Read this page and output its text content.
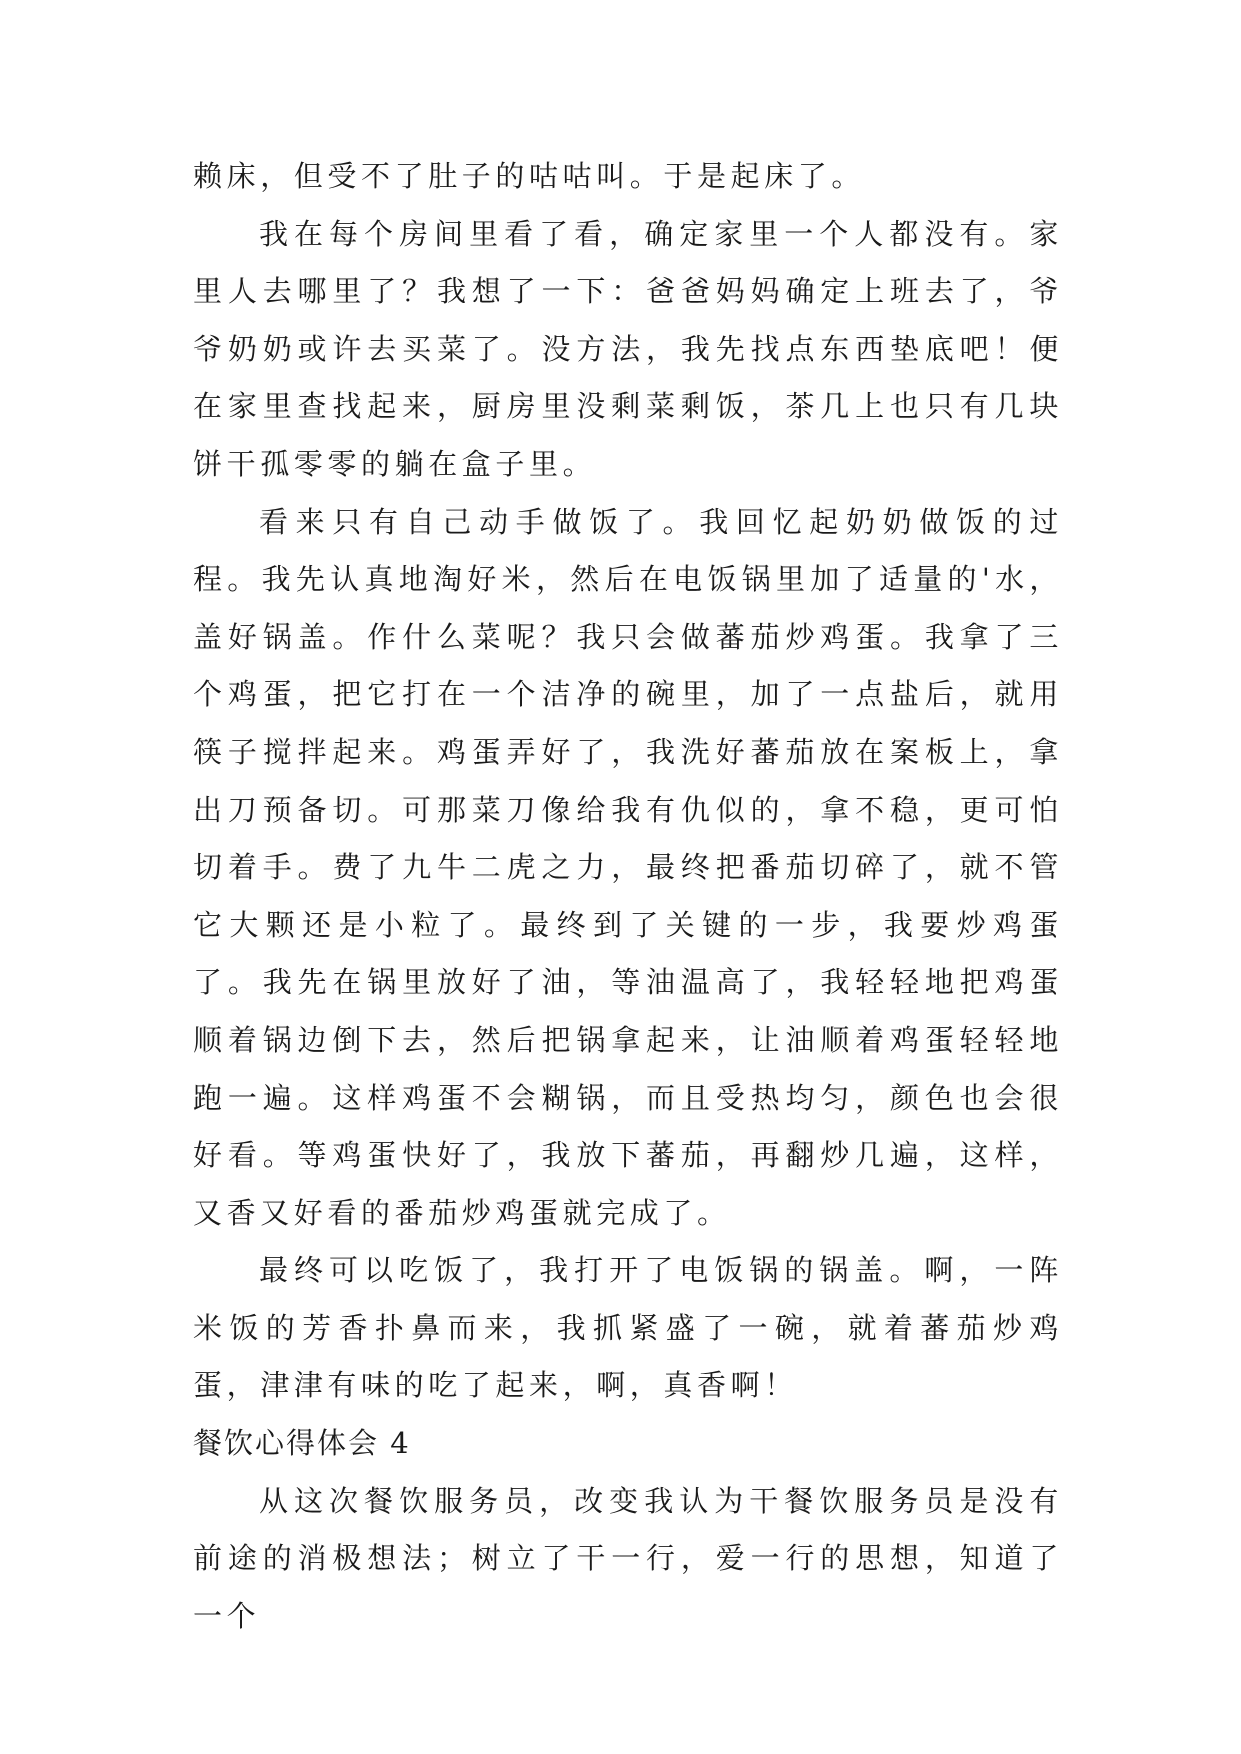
赖床，但受不了肚子的咕咕叫。于是起床了。

我在每个房间里看了看，确定家里一个人都没有。家里人去哪里了？我想了一下：爸爸妈妈确定上班去了，爷爷奶奶或许去买菜了。没方法，我先找点东西垫底吧！便在家里查找起来，厨房里没剩菜剩饭，茶几上也只有几块饼干孤零零的躺在盒子里。

看来只有自己动手做饭了。我回忆起奶奶做饭的过程。我先认真地淘好米，然后在电饭锅里加了适量的'水，盖好锅盖。作什么菜呢？我只会做蕃茄炒鸡蛋。我拿了三个鸡蛋，把它打在一个洁净的碗里，加了一点盐后，就用筷子搅拌起来。鸡蛋弄好了，我洗好蕃茄放在案板上，拿出刀预备切。可那菜刀像给我有仇似的，拿不稳，更可怕切着手。费了九牛二虎之力，最终把番茄切碎了，就不管它大颗还是小粒了。最终到了关键的一步，我要炒鸡蛋了。我先在锅里放好了油，等油温高了，我轻轻地把鸡蛋顺着锅边倒下去，然后把锅拿起来，让油顺着鸡蛋轻轻地跑一遍。这样鸡蛋不会糊锅，而且受热均匀，颜色也会很好看。等鸡蛋快好了，我放下蕃茄，再翻炒几遍，这样，又香又好看的番茄炒鸡蛋就完成了。

最终可以吃饭了，我打开了电饭锅的锅盖。啊，一阵米饭的芳香扑鼻而来，我抓紧盛了一碗，就着蕃茄炒鸡蛋，津津有味的吃了起来，啊，真香啊！

餐饮心得体会 4

从这次餐饮服务员，改变我认为干餐饮服务员是没有前途的消极想法；树立了干一行，爱一行的思想，知道了一个
